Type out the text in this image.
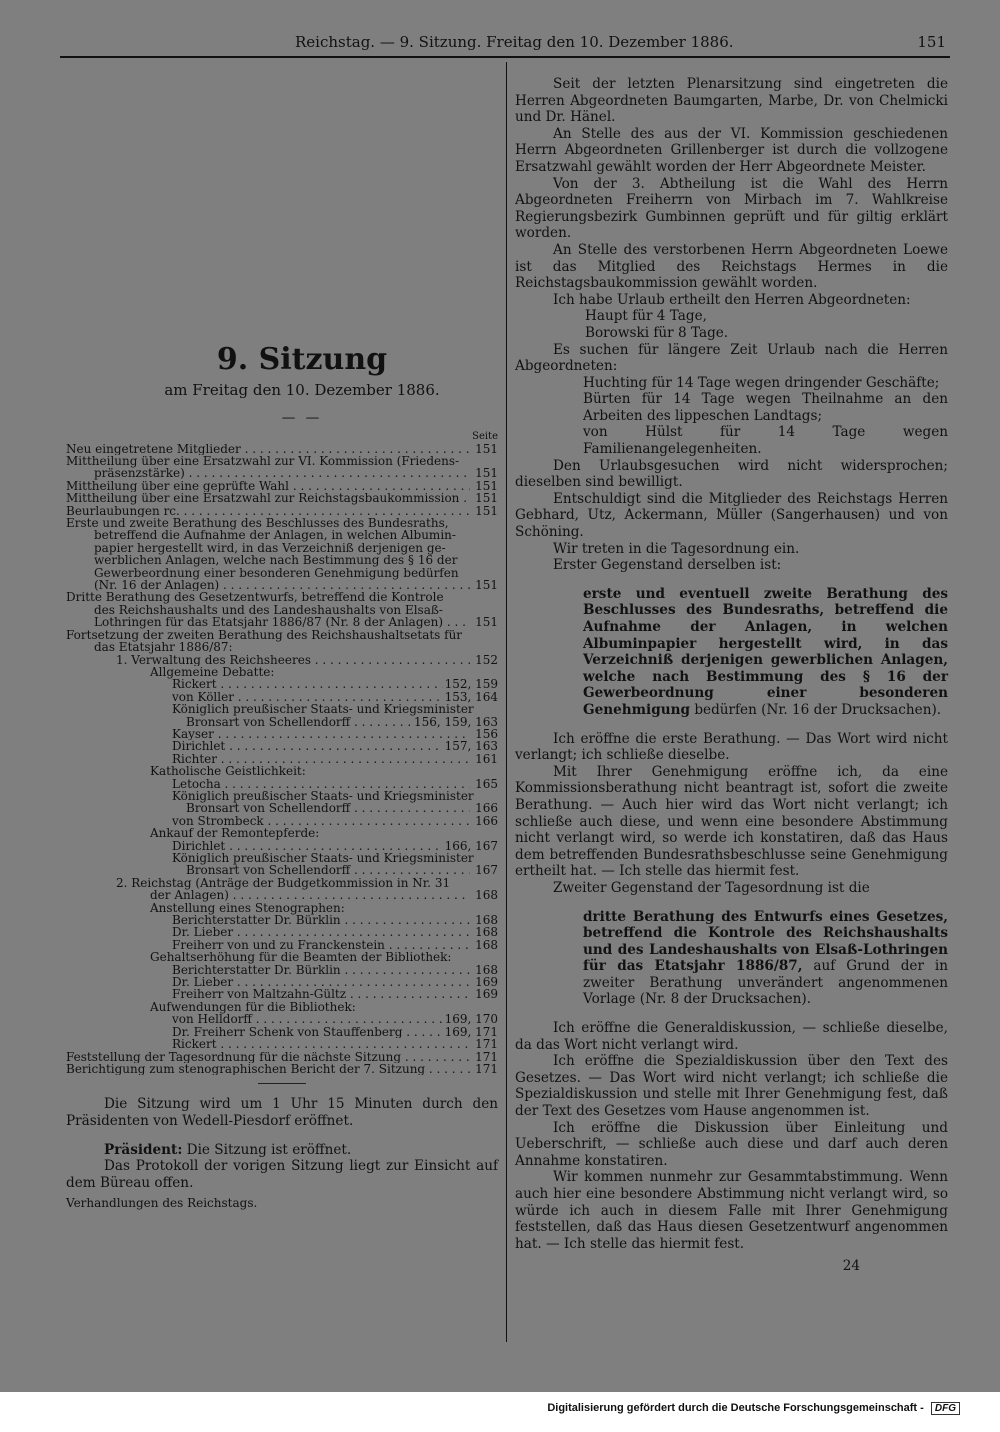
Reichstag. — 9. Sitzung. Freitag den 10. Dezember 1886.	151
9. Sitzung
am Freitag den 10. Dezember 1886.
— —
Seite
Neu eingetretene Mitglieder . . .	151
Mittheilung über eine Ersatzwahl zur VI. Kommission (Friedens-
präsenzstärke) . . .	151
Mittheilung über eine geprüfte Wahl . . .	151
Mittheilung über eine Ersatzwahl zur Reichstagsbaukommission . . .	151
Beurlaubungen rc. . . .	151
Erste und zweite Berathung des Beschlusses des Bundesraths,
betreffend die Aufnahme der Anlagen, in welchen Albumin-
papier hergestellt wird, in das Verzeichniß derjenigen ge-
werblichen Anlagen, welche nach Bestimmung des § 16 der
Gewerbeordnung einer besonderen Genehmigung bedürfen
(Nr. 16 der Anlagen) . . .	151
Dritte Berathung des Gesetzentwurfs, betreffend die Kontrole
des Reichshaushalts und des Landeshaushalts von Elsaß-
Lothringen für das Etatsjahr 1886/87 (Nr. 8 der Anlagen) . . .	151
Fortsetzung der zweiten Berathung des Reichshaushaltsetats für
das Etatsjahr 1886/87:
1. Verwaltung des Reichsheeres . . .	152
Allgemeine Debatte:
Rickert . . .	152, 159
von Köller . . .	153, 164
Königlich preußischer Staats- und Kriegsminister
Bronsart von Schellendorff . . .	156, 159, 163
Kayser . . .	156
Dirichlet . . .	157, 163
Richter . . .	161
Katholische Geistlichkeit:
Letocha . . .	165
Königlich preußischer Staats- und Kriegsminister
Bronsart von Schellendorff . . .	166
von Strombeck . . .	166
Ankauf der Remontepferde:
Dirichlet . . .	166, 167
Königlich preußischer Staats- und Kriegsminister
Bronsart von Schellendorff . . .	167
2. Reichstag (Anträge der Budgetkommission in Nr. 31
der Anlagen) . . .	168
Anstellung eines Stenographen:
Berichterstatter Dr. Bürklin . . .	168
Dr. Lieber . . .	168
Freiherr von und zu Franckenstein . . .	168
Gehaltserhöhung für die Beamten der Bibliothek:
Berichterstatter Dr. Bürklin . . .	168
Dr. Lieber . . .	169
Freiherr von Maltzahn-Gültz . . .	169
Aufwendungen für die Bibliothek:
von Helldorff . . .	169, 170
Dr. Freiherr Schenk von Stauffenberg . . .	169, 171
Rickert . . .	171
Feststellung der Tagesordnung für die nächste Sitzung . . .	171
Berichtigung zum stenographischen Bericht der 7. Sitzung . . .	171

Die Sitzung wird um 1 Uhr 15 Minuten durch den Präsidenten von Wedell-Piesdorf eröffnet.

Präsident: Die Sitzung ist eröffnet.

Das Protokoll der vorigen Sitzung liegt zur Einsicht auf dem Büreau offen.

Verhandlungen des Reichstags.

Seit der letzten Plenarsitzung sind eingetreten die Herren Abgeordneten Baumgarten, Marbe, Dr. von Chelmicki und Dr. Hänel.

An Stelle des aus der VI. Kommission geschiedenen Herrn Abgeordneten Grillenberger ist durch die vollzogene Ersatzwahl gewählt worden der Herr Abgeordnete Meister.

Von der 3. Abtheilung ist die Wahl des Herrn Abgeordneten Freiherrn von Mirbach im 7. Wahlkreise Regierungsbezirk Gumbinnen geprüft und für giltig erklärt worden.

An Stelle des verstorbenen Herrn Abgeordneten Loewe ist das Mitglied des Reichstags Hermes in die Reichstagsbaukommission gewählt worden.

Ich habe Urlaub ertheilt den Herren Abgeordneten:

Haupt für 4 Tage,
Borowski für 8 Tage.

Es suchen für längere Zeit Urlaub nach die Herren Abgeordneten:

Huchting für 14 Tage wegen dringender Geschäfte;

Bürten für 14 Tage wegen Theilnahme an den Arbeiten des lippeschen Landtags;

von Hülst für 14 Tage wegen Familienangelegenheiten.

Den Urlaubsgesuchen wird nicht widersprochen; dieselben sind bewilligt.

Entschuldigt sind die Mitglieder des Reichstags Herren Gebhard, Utz, Ackermann, Müller (Sangerhausen) und von Schöning.

Wir treten in die Tagesordnung ein.

Erster Gegenstand derselben ist:

erste und eventuell zweite Berathung des Beschlusses des Bundesraths, betreffend die Aufnahme der Anlagen, in welchen Albuminpapier hergestellt wird, in das Verzeichniß derjenigen gewerblichen Anlagen, welche nach Bestimmung des § 16 der Gewerbeordnung einer besonderen Genehmigung bedürfen (Nr. 16 der Drucksachen).

Ich eröffne die erste Berathung. — Das Wort wird nicht verlangt; ich schließe dieselbe.

Mit Ihrer Genehmigung eröffne ich, da eine Kommissionsberathung nicht beantragt ist, sofort die zweite Berathung. — Auch hier wird das Wort nicht verlangt; ich schließe auch diese, und wenn eine besondere Abstimmung nicht verlangt wird, so werde ich konstatiren, daß das Haus dem betreffenden Bundesrathsbeschlusse seine Genehmigung ertheilt hat. — Ich stelle das hiermit fest.

Zweiter Gegenstand der Tagesordnung ist die

dritte Berathung des Entwurfs eines Gesetzes, betreffend die Kontrole des Reichshaushalts und des Landeshaushalts von Elsaß-Lothringen für das Etatsjahr 1886/87, auf Grund der in zweiter Berathung unverändert angenommenen Vorlage (Nr. 8 der Drucksachen).

Ich eröffne die Generaldiskussion, — schließe dieselbe, da das Wort nicht verlangt wird.

Ich eröffne die Spezialdiskussion über den Text des Gesetzes. — Das Wort wird nicht verlangt; ich schließe die Spezialdiskussion und stelle mit Ihrer Genehmigung fest, daß der Text des Gesetzes vom Hause angenommen ist.

Ich eröffne die Diskussion über Einleitung und Ueberschrift, — schließe auch diese und darf auch deren Annahme konstatiren.

Wir kommen nunmehr zur Gesammtabstimmung. Wenn auch hier eine besondere Abstimmung nicht verlangt wird, so würde ich auch in diesem Falle mit Ihrer Genehmigung feststellen, daß das Haus diesen Gesetzentwurf angenommen hat. — Ich stelle das hiermit fest.

24
Digitalisierung gefördert durch die Deutsche Forschungsgemeinschaft - DFG
